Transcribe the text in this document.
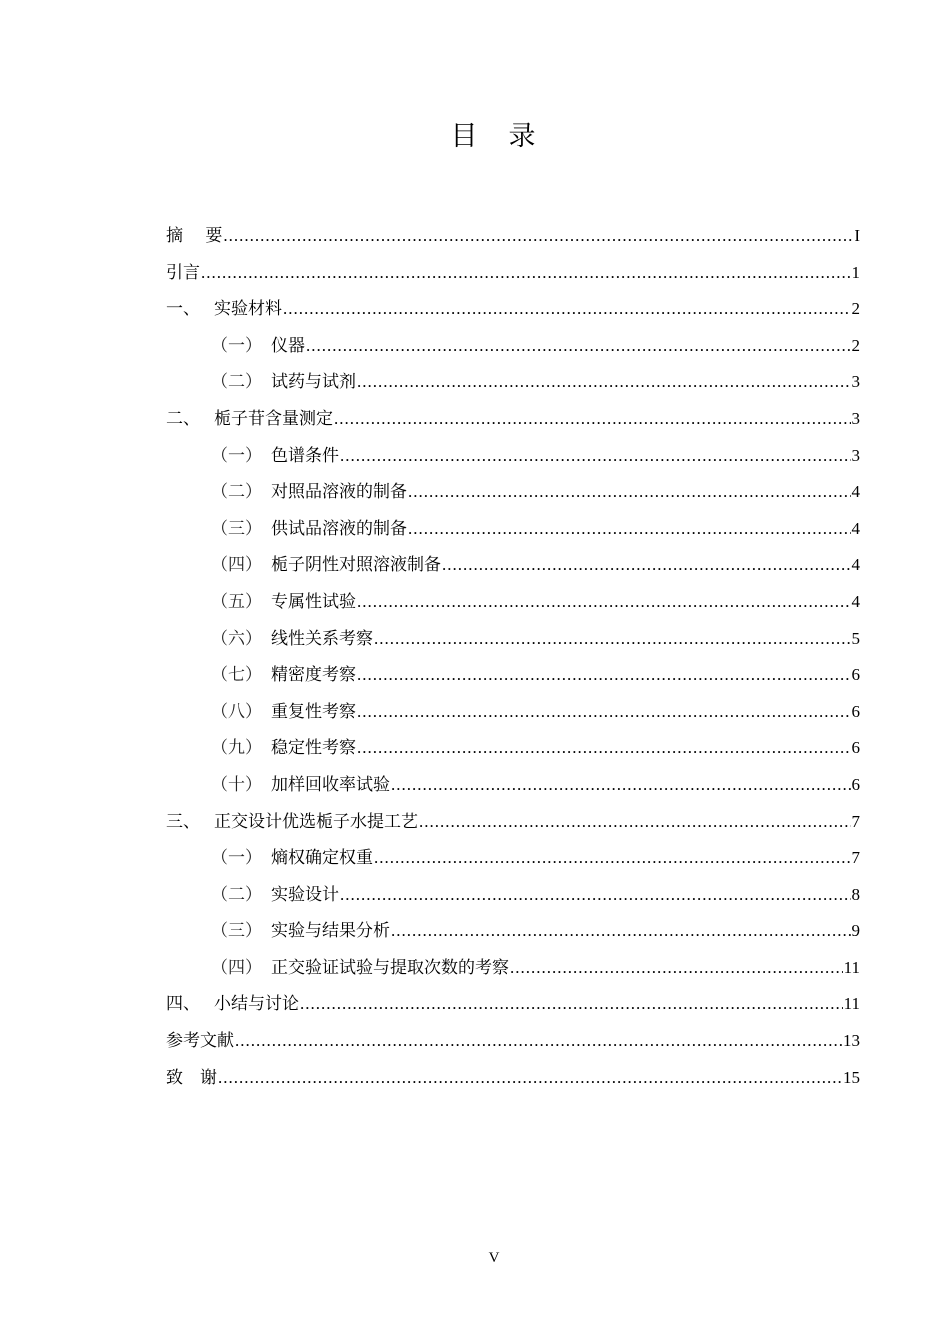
目　录
摘　 要 .....	I
引言 .....	1
一、 实验材料 .....	2
（一） 仪器 .....	2
（二） 试药与试剂 .....	3
二、 栀子苷含量测定 .....	3
（一） 色谱条件 .....	3
（二） 对照品溶液的制备 .....	4
（三） 供试品溶液的制备 .....	4
（四） 栀子阴性对照溶液制备 .....	4
（五） 专属性试验 .....	4
（六） 线性关系考察 .....	5
（七） 精密度考察 .....	6
（八） 重复性考察 .....	6
（九） 稳定性考察 .....	6
（十） 加样回收率试验 .....	6
三、 正交设计优选栀子水提工艺 .....	7
（一） 熵权确定权重 .....	7
（二） 实验设计 .....	8
（三） 实验与结果分析 .....	9
（四） 正交验证试验与提取次数的考察 .....	11
四、 小结与讨论 .....	11
参考文献 .....	13
致　谢 .....	15
V
